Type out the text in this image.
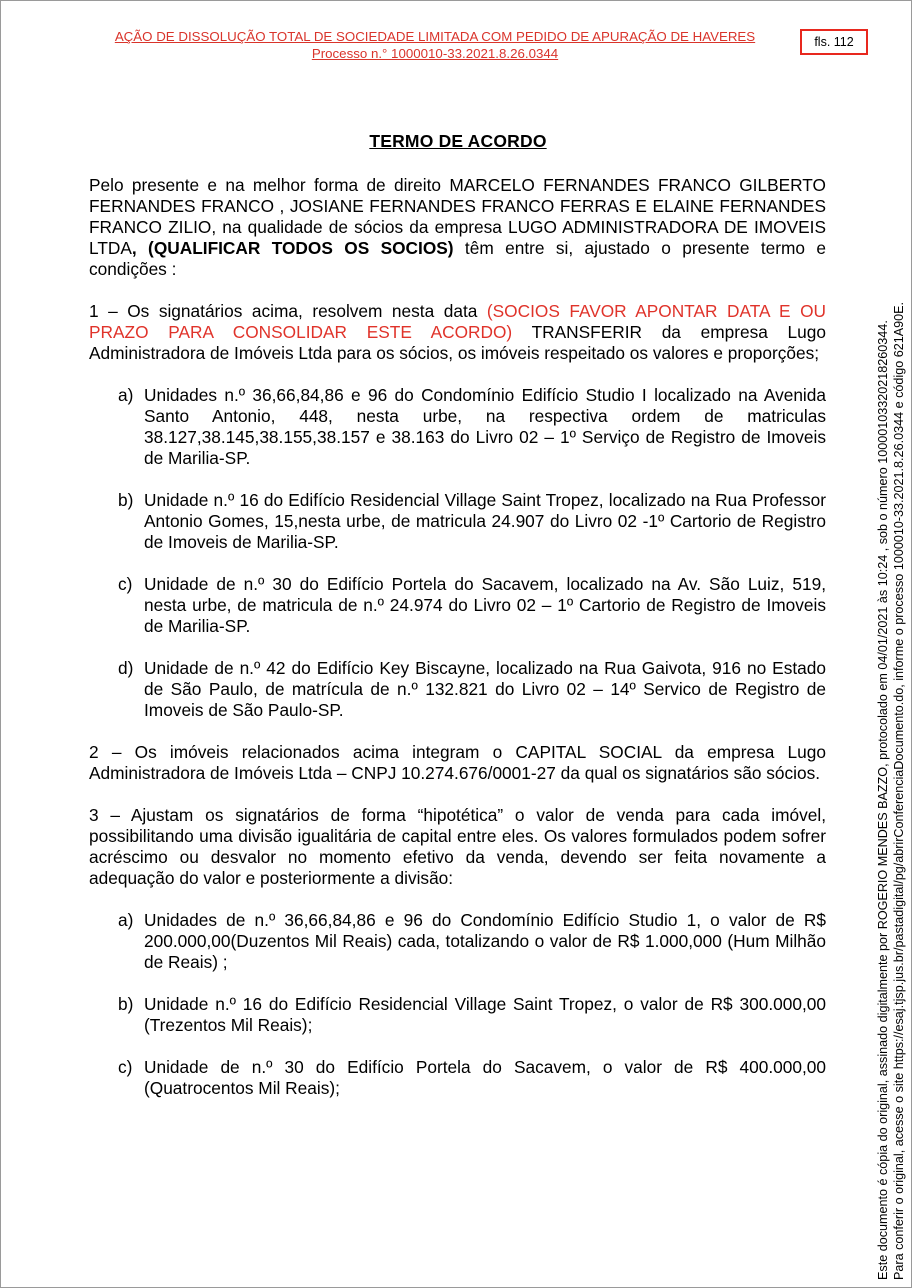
AÇÃO DE DISSOLUÇÃO TOTAL DE SOCIEDADE LIMITADA COM PEDIDO DE APURAÇÃO DE HAVERES
Processo n.° 1000010-33.2021.8.26.0344
fls. 112
TERMO DE ACORDO

Pelo presente e na melhor forma de direito MARCELO FERNANDES FRANCO GILBERTO FERNANDES FRANCO , JOSIANE FERNANDES FRANCO FERRAS E ELAINE FERNANDES FRANCO ZILIO, na qualidade de sócios da empresa LUGO ADMINISTRADORA DE IMOVEIS LTDA, (QUALIFICAR TODOS OS SOCIOS) têm entre si, ajustado o presente termo e condições :

1 – Os signatários acima, resolvem nesta data (SOCIOS FAVOR APONTAR DATA E OU PRAZO PARA CONSOLIDAR ESTE ACORDO) TRANSFERIR da empresa Lugo Administradora de Imóveis Ltda para os sócios, os imóveis respeitado os valores e proporções;

a) Unidades n.º 36,66,84,86 e 96 do Condomínio Edifício Studio I localizado na Avenida Santo Antonio, 448, nesta urbe, na respectiva ordem de matriculas 38.127,38.145,38.155,38.157 e 38.163 do Livro 02 – 1º Serviço de Registro de Imoveis de Marilia-SP.
b) Unidade n.º 16 do Edifício Residencial Village Saint Tropez, localizado na Rua Professor Antonio Gomes, 15,nesta urbe, de matricula 24.907 do Livro 02 -1º Cartorio de Registro de Imoveis de Marilia-SP.
c) Unidade de n.º 30 do Edifício Portela do Sacavem, localizado na Av. São Luiz, 519, nesta urbe, de matricula de n.º 24.974 do Livro 02 – 1º Cartorio de Registro de Imoveis de Marilia-SP.
d) Unidade de n.º 42 do Edifício Key Biscayne, localizado na Rua Gaivota, 916 no Estado de São Paulo, de matrícula de n.º 132.821 do Livro 02 – 14º Servico de Registro de Imoveis de São Paulo-SP.

2 – Os imóveis relacionados acima integram o CAPITAL SOCIAL da empresa Lugo Administradora de Imóveis Ltda – CNPJ 10.274.676/0001-27 da qual os signatários são sócios.

3 – Ajustam os signatários de forma “hipotética” o valor de venda para cada imóvel, possibilitando uma divisão igualitária de capital entre eles. Os valores formulados podem sofrer acréscimo ou desvalor no momento efetivo da venda, devendo ser feita novamente a adequação do valor e posteriormente a divisão:

a) Unidades de n.º 36,66,84,86 e 96 do Condomínio Edifício Studio 1, o valor de R$ 200.000,00(Duzentos Mil Reais) cada, totalizando o valor de R$ 1.000,000 (Hum Milhão de Reais) ;
b) Unidade n.º 16 do Edifício Residencial Village Saint Tropez, o valor de R$ 300.000,00 (Trezentos Mil Reais);
c) Unidade de n.º 30 do Edifício Portela do Sacavem, o valor de R$ 400.000,00 (Quatrocentos Mil Reais);	Este documento é cópia do original, assinado digitalmente por ROGERIO MENDES BAZZO, protocolado em 04/01/2021 às 10:24 , sob o número 10000103320218260344. Para conferir o original, acesse o site https://esaj.tjsp.jus.br/pastadigital/pg/abrirConferenciaDocumento.do, informe o processo 1000010-33.2021.8.26.0344 e código 621A90E.
